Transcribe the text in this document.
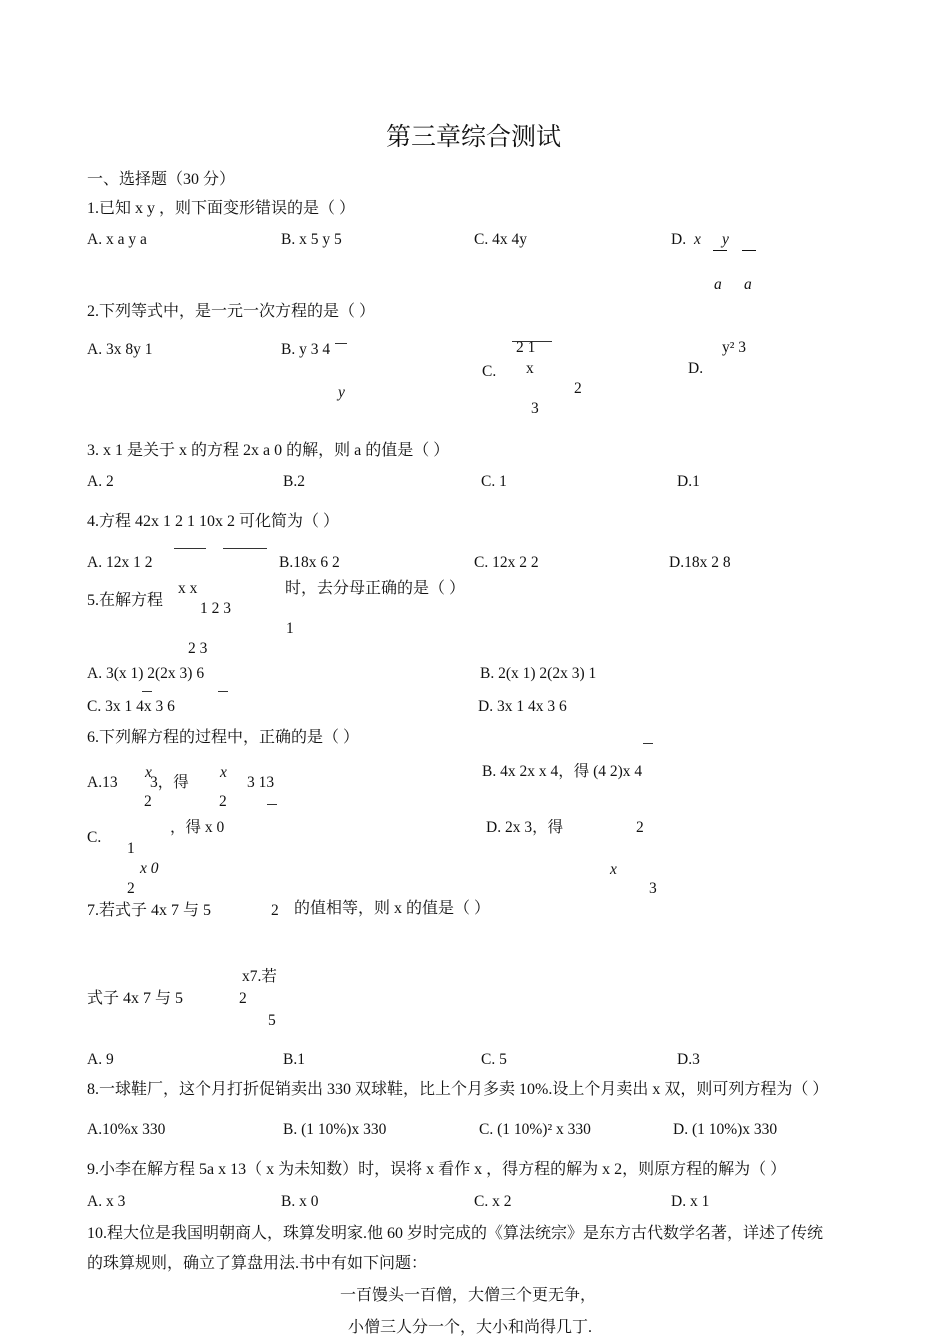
第三章综合测试
一、选择题（30 分）
1.已知 x y ，则下面变形错误的是（ ）
A. x a y a	B. x 5 y 5	C. 4x 4y	D. x y
a a
2.下列等式中，是一元一次方程的是（ ）
A. 3x 8y 1	B. y 3 4
y
C.
2 1
x
2
3
D.
y² 3
3. x 1 是关于 x 的方程 2x a 0 的解，则 a 的值是（ ）
A. 2	B.2	C. 1	D.1
4.方程 42x 1 2 1 10x 2 可化简为（ ）
A. 12x 1 2	B.18x 6 2	C. 12x 2 2	D.18x 2 8
5.在解方程
x x	时，去分母正确的是（ ）
1 2 3
1
2 3
A. 3(x 1) 2(2x 3) 6	B. 2(x 1) 2(2x 3) 1
C. 3x 1 4x 3 6	D. 3x 1 4x 3 6
6.下列解方程的过程中，正确的是（ ）
A.13
x
3，得
x
3 13
2	2
B. 4x 2x x 4，得 (4 2)x 4
C.
，得 x 0
1
x 0
2
D. 2x 3，得	2
x
3
7.若式子 4x 7 与 5	2 的值相等，则 x 的值是（ ）
x7.若
式子 4x 7 与 5	2
5
A. 9	B.1	C. 5	D.3
8.一球鞋厂，这个月打折促销卖出 330 双球鞋，比上个月多卖 10%.设上个月卖出 x 双，则可列方程为（ ）
A.10%x 330	B. (1 10%)x 330	C. (1 10%)² x 330	D. (1 10%)x 330
9.小李在解方程 5a x 13（ x 为未知数）时，误将 x 看作 x ，得方程的解为 x 2，则原方程的解为（ ）
A. x 3	B. x 0	C. x 2	D. x 1
10.程大位是我国明朝商人，珠算发明家.他 60 岁时完成的《算法统宗》是东方古代数学名著，详述了传统
的珠算规则，确立了算盘用法.书中有如下问题：
一百馒头一百僧，大僧三个更无争，
小僧三人分一个，大小和尚得几丁.
